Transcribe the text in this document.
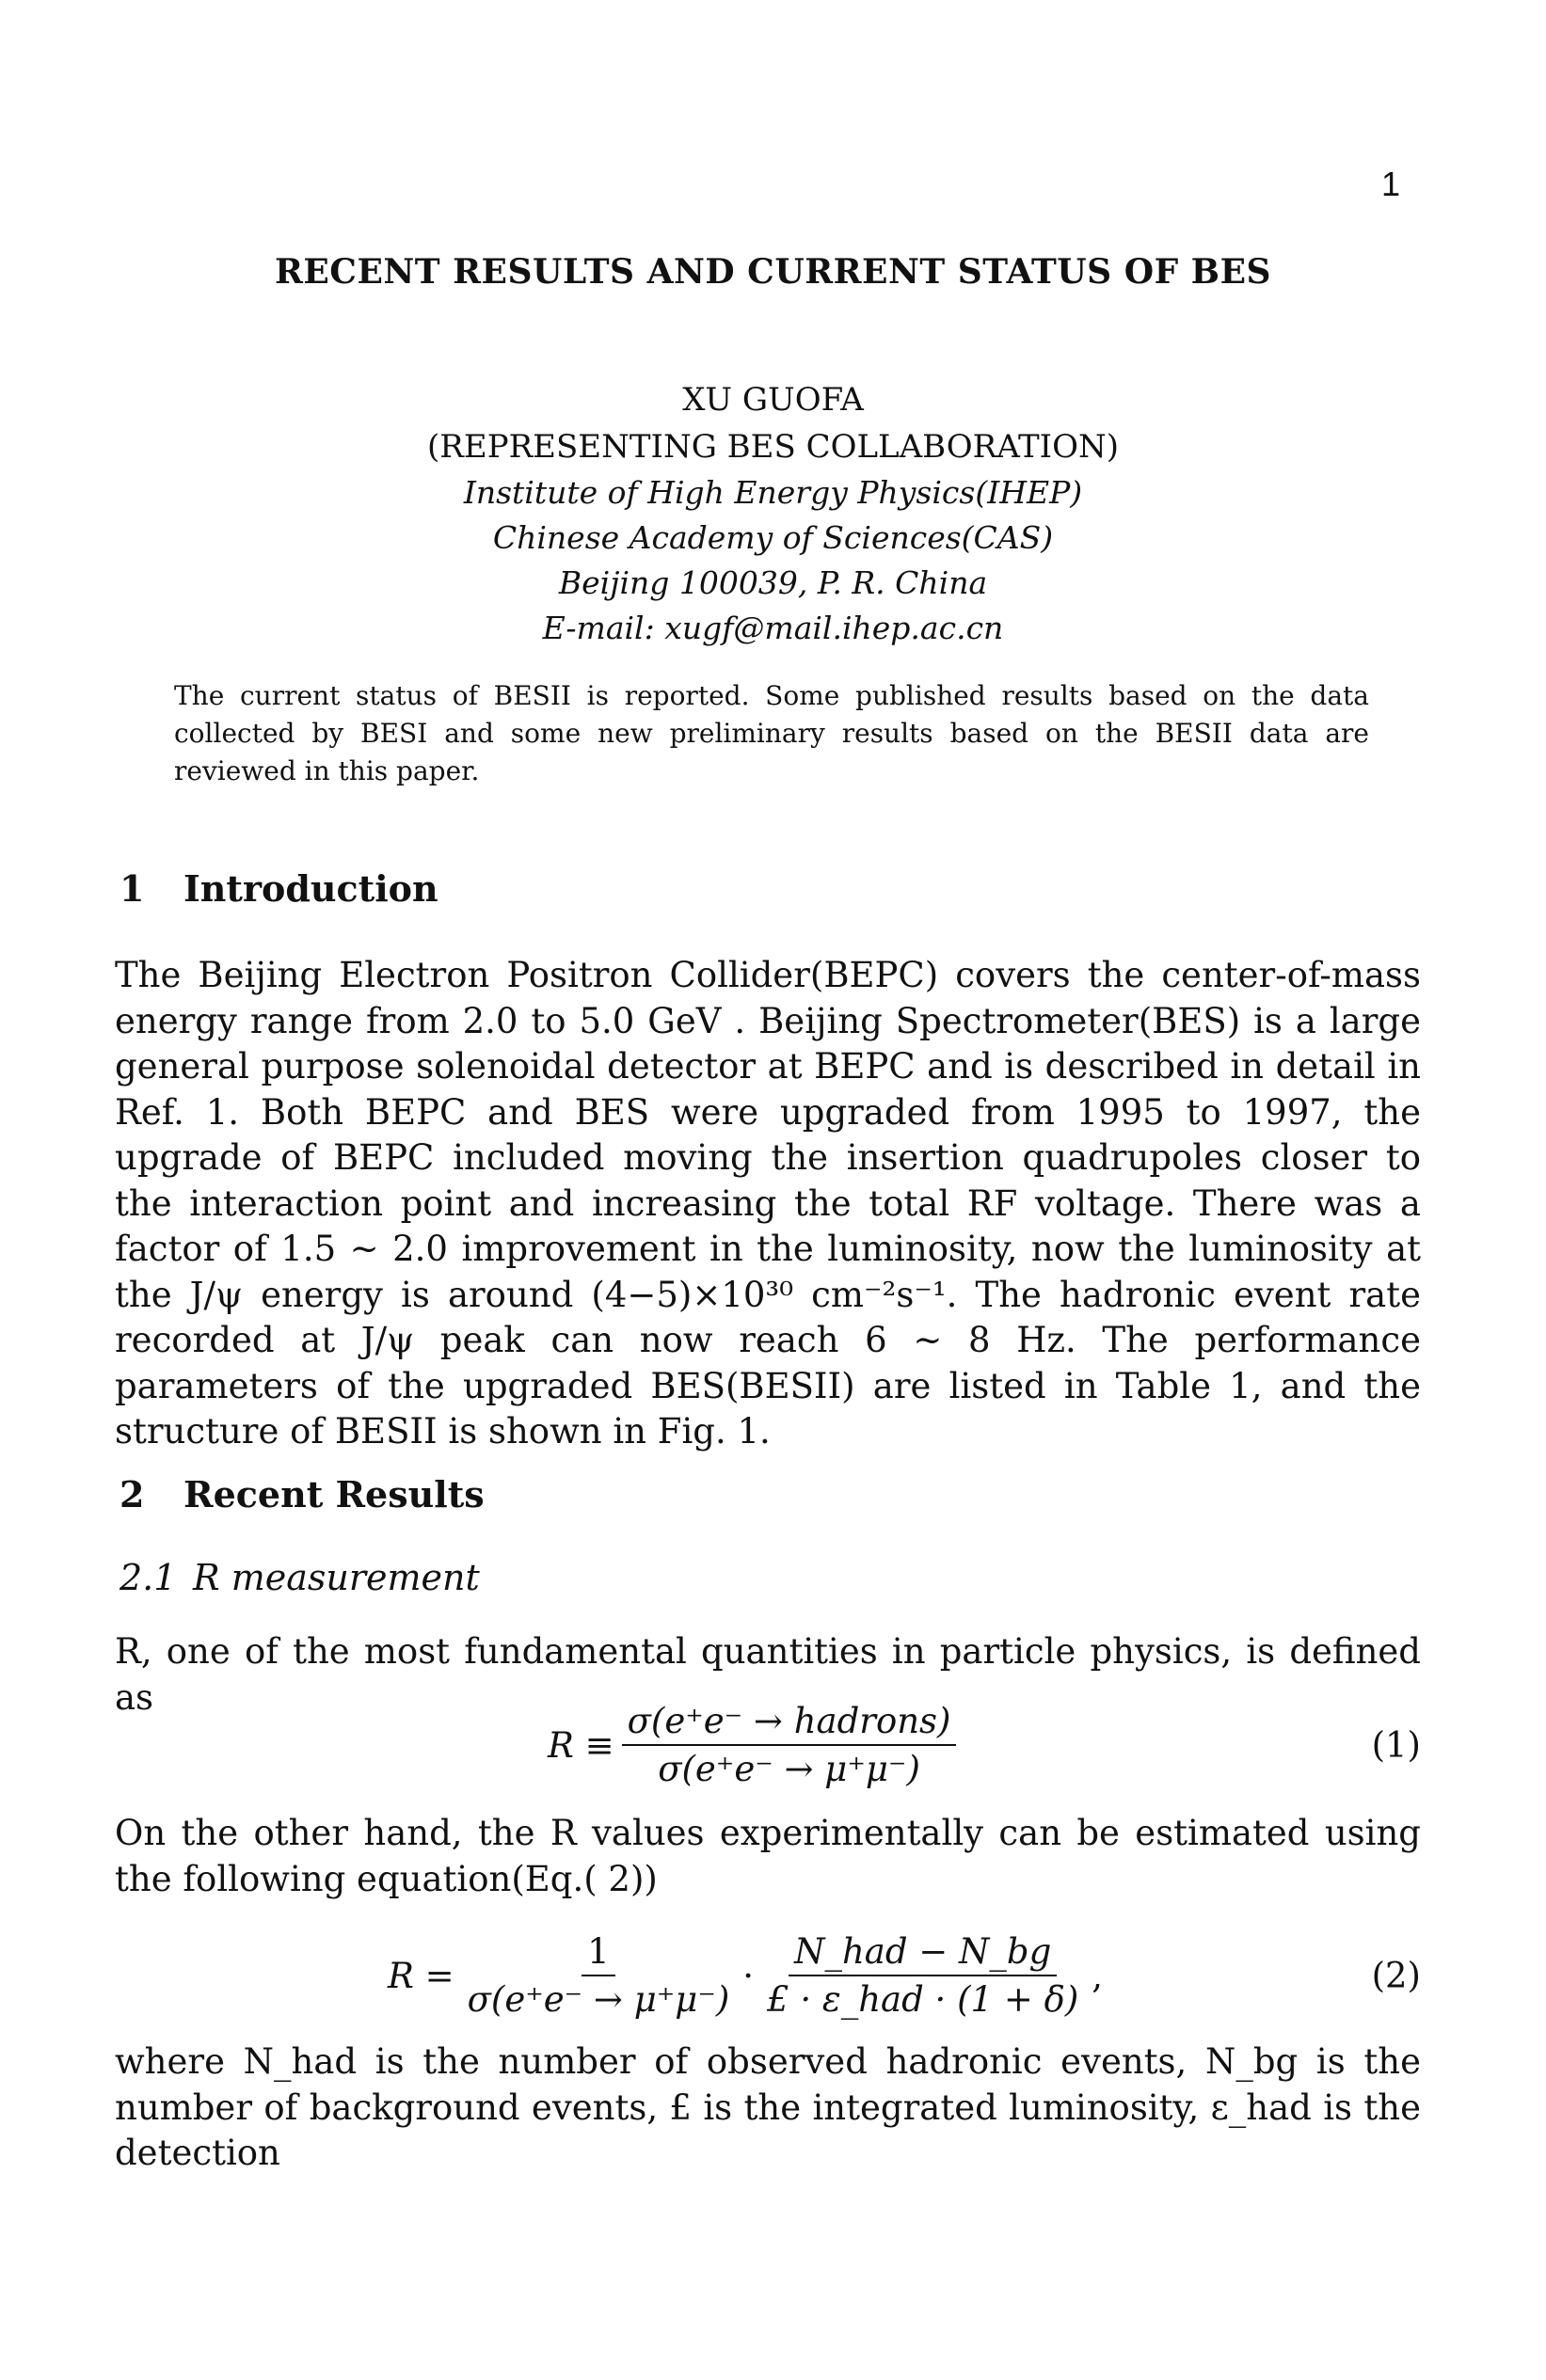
1
RECENT RESULTS AND CURRENT STATUS OF BES
XU GUOFA
(REPRESENTING BES COLLABORATION)
Institute of High Energy Physics(IHEP)
Chinese Academy of Sciences(CAS)
Beijing 100039, P. R. China
E-mail: xugf@mail.ihep.ac.cn
The current status of BESII is reported. Some published results based on the data collected by BESI and some new preliminary results based on the BESII data are reviewed in this paper.
1 Introduction
The Beijing Electron Positron Collider(BEPC) covers the center-of-mass energy range from 2.0 to 5.0 GeV . Beijing Spectrometer(BES) is a large general purpose solenoidal detector at BEPC and is described in detail in Ref. 1. Both BEPC and BES were upgraded from 1995 to 1997, the upgrade of BEPC included moving the insertion quadrupoles closer to the interaction point and increasing the total RF voltage. There was a factor of 1.5 ~ 2.0 improvement in the luminosity, now the luminosity at the J/ψ energy is around (4−5)×10³⁰ cm⁻²s⁻¹. The hadronic event rate recorded at J/ψ peak can now reach 6 ~ 8 Hz. The performance parameters of the upgraded BES(BESII) are listed in Table 1, and the structure of BESII is shown in Fig. 1.
2 Recent Results
2.1 R measurement
R, one of the most fundamental quantities in particle physics, is defined as
$R \equiv \frac{\text{σ(e⁺e⁻ → hadrons)}}{\sigma(e^+e^- \to \mu^+\mu^-)}$	(1)
On the other hand, the R values experimentally can be estimated using the following equation(Eq.( 2))
$R = \frac{1}{\sigma(e^+e^- \to \mu^+\mu^-)} \cdot \frac{\text{N\_had − N\_bg}}{\text{£ · ε\_had · (1 + δ)}}$ ,	(2)
where N_had is the number of observed hadronic events, N_bg is the number of background events, £ is the integrated luminosity, ε_had is the detection
